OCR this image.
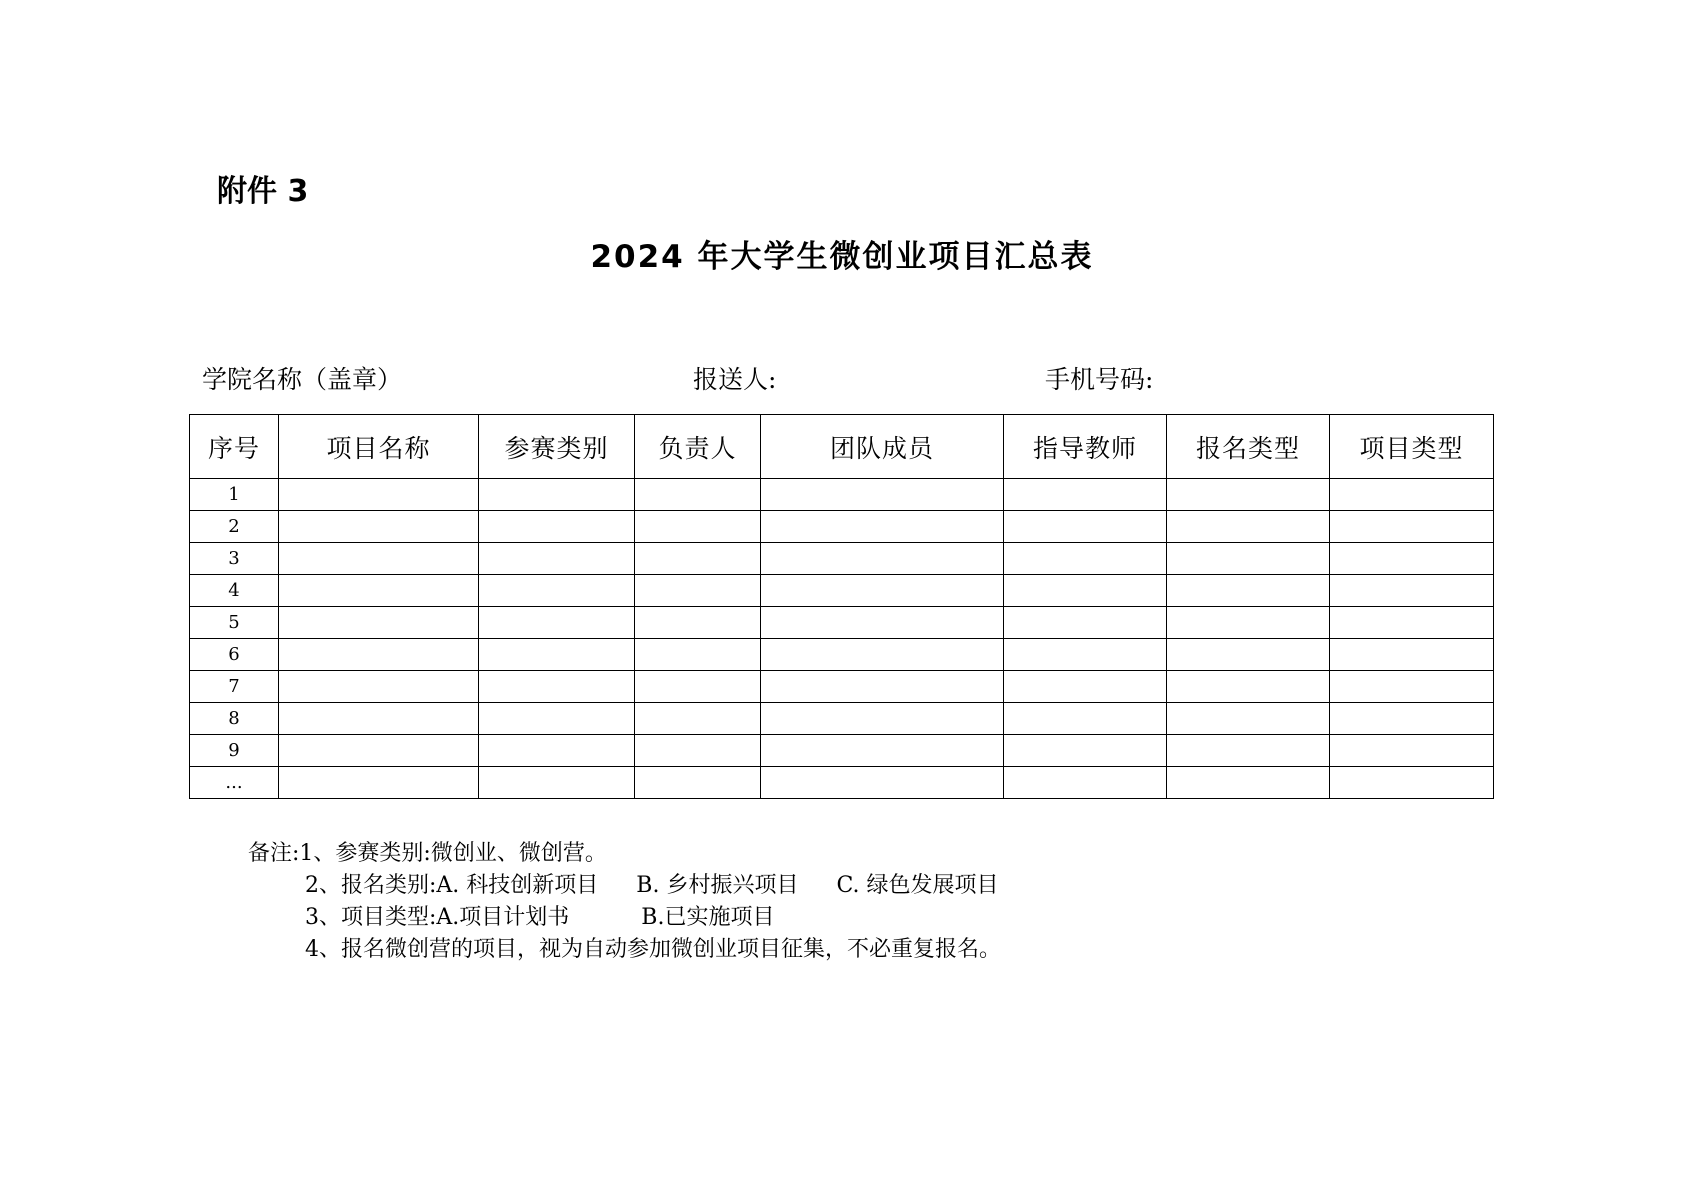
附件 3
2024 年大学生微创业项目汇总表
学院名称（盖章）	报送人:	手机号码:
序号	项目名称	参赛类别	负责人	团队成员	指导教师	报名类型	项目类型
1							
2							
3							
4							
5							
6							
7							
8							
9							
...							
备注:1、参赛类别:微创业、微创营。
2、报名类别:A. 科技创新项目 B. 乡村振兴项目 C. 绿色发展项目
3、项目类型:A.项目计划书	B.已实施项目
4、报名微创营的项目，视为自动参加微创业项目征集，不必重复报名。
